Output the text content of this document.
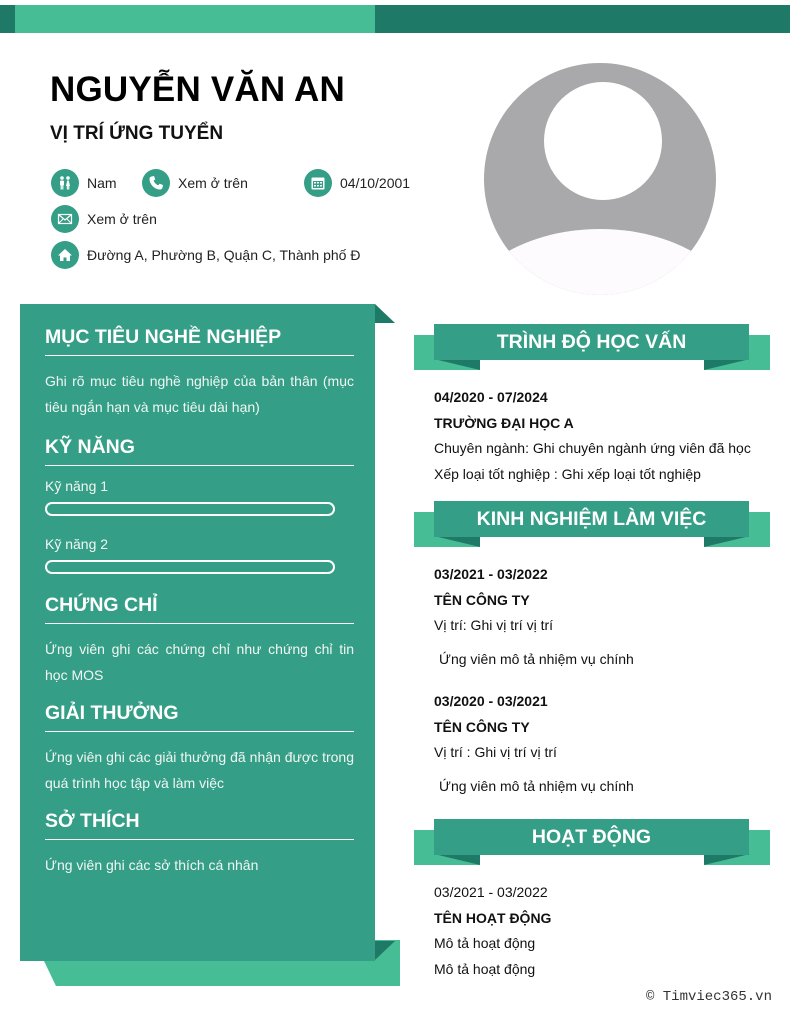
NGUYỄN VĂN AN
VỊ TRÍ ỨNG TUYỂN
Nam	Xem ở trên	04/10/2001
Xem ở trên
Đường A, Phường B, Quận C, Thành phố Đ
MỤC TIÊU NGHỀ NGHIỆP
Ghi rõ mục tiêu nghề nghiệp của bản thân (mục tiêu ngắn hạn và mục tiêu dài hạn)
KỸ NĂNG
Kỹ năng 1
Kỹ năng 2
CHỨNG CHỈ
Ứng viên ghi các chứng chỉ như chứng chỉ tin học MOS
GIẢI THƯỞNG
Ứng viên ghi các giải thưởng đã nhận được trong quá trình học tập và làm việc
SỞ THÍCH
Ứng viên ghi các sở thích cá nhân
TRÌNH ĐỘ HỌC VẤN
04/2020 - 07/2024
TRƯỜNG ĐẠI HỌC A
Chuyên ngành: Ghi chuyên ngành ứng viên đã học
Xếp loại tốt nghiệp : Ghi xếp loại tốt nghiệp
KINH NGHIỆM LÀM VIỆC
03/2021 - 03/2022
TÊN CÔNG TY
Vị trí: Ghi vị trí vị trí
Ứng viên mô tả nhiệm vụ chính
03/2020 - 03/2021
TÊN CÔNG TY
Vị trí : Ghi vị trí vị trí
Ứng viên mô tả nhiệm vụ chính
HOẠT ĐỘNG
03/2021 - 03/2022
TÊN HOẠT ĐỘNG
Mô tả hoạt động
Mô tả hoạt động
© Timviec365.vn
